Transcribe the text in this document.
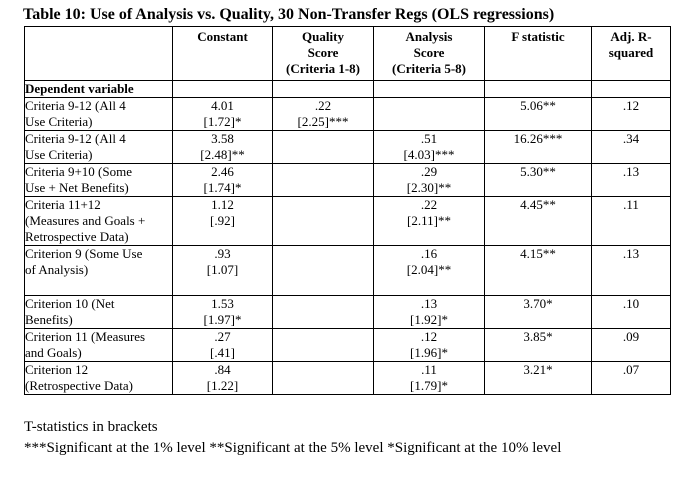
Table 10: Use of Analysis vs. Quality, 30 Non-Transfer Regs (OLS regressions)
	Constant	Quality
Score
(Criteria 1-8)	Analysis
Score
(Criteria 5-8)	F statistic	Adj. R-
squared

Dependent variable					

Criteria 9-12 (All 4
Use Criteria)	4.01
[1.72]*	.22
[2.25]***		5.06**	.12

Criteria 9-12 (All 4
Use Criteria)	3.58
[2.48]**		.51
[4.03]***	16.26***	.34

Criteria 9+10 (Some
Use + Net Benefits)	2.46
[1.74]*		.29
[2.30]**	5.30**	.13

Criteria 11+12
(Measures and Goals +
Retrospective Data)	1.12
[.92]		.22
[2.11]**	4.45**	.11

Criterion 9 (Some Use
of Analysis)	.93
[1.07]		.16
[2.04]**	4.15**	.13

Criterion 10 (Net
Benefits)	1.53
[1.97]*		.13
[1.92]*	3.70*	.10

Criterion 11 (Measures
and Goals)	.27
[.41]		.12
[1.96]*	3.85*	.09

Criterion 12
(Retrospective Data)	.84
[1.22]		.11
[1.79]*	3.21*	.07
T-statistics in brackets
***Significant at the 1% level **Significant at the 5% level *Significant at the 10% level
